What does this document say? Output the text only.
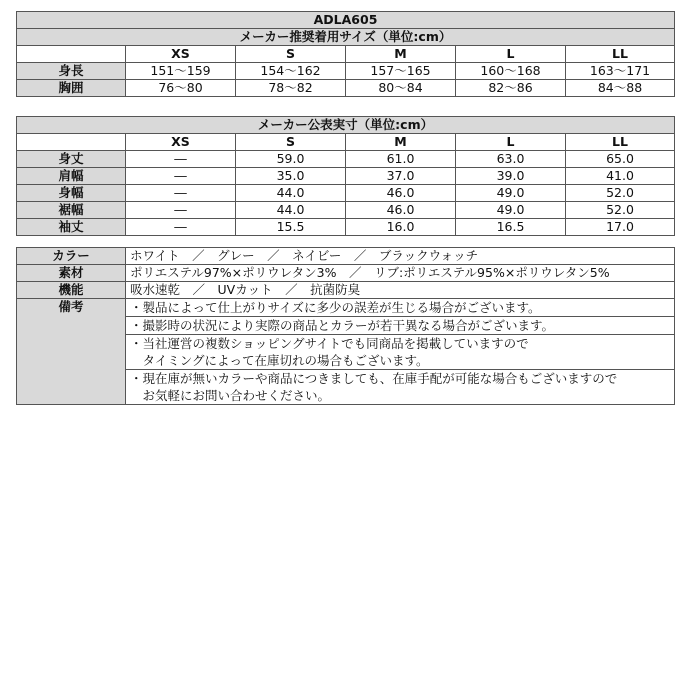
ADLA605					
メーカー推奨着用サイズ（単位:cm）					
	XS	S	M	L	LL
身長	151～159	154～162	157～165	160～168	163～171
胸囲	76～80	78～82	80～84	82～86	84～88
メーカー公表実寸（単位:cm）					
	XS	S	M	L	LL
身丈	―	59.0	61.0	63.0	65.0
肩幅	―	35.0	37.0	39.0	41.0
身幅	―	44.0	46.0	49.0	52.0
裾幅	―	44.0	46.0	49.0	52.0
袖丈	―	15.5	16.0	16.5	17.0
カラー	ホワイト　／　グレー　／　ネイビー　／　ブラックウォッチ
素材	ポリエステル97%×ポリウレタン3%　／　リブ:ポリエステル95%×ポリウレタン5%
機能	吸水速乾　／　UVカット　／　抗菌防臭
備考	・製品によって仕上がりサイズに多少の誤差が生じる場合がございます。

	・撮影時の状況により実際の商品とカラーが若干異なる場合がございます。

	・当社運営の複数ショッピングサイトでも同商品を掲載していますので
　タイミングによって在庫切れの場合もございます。

	・現在庫が無いカラーや商品につきましても、在庫手配が可能な場合もございますので
　お気軽にお問い合わせください。
